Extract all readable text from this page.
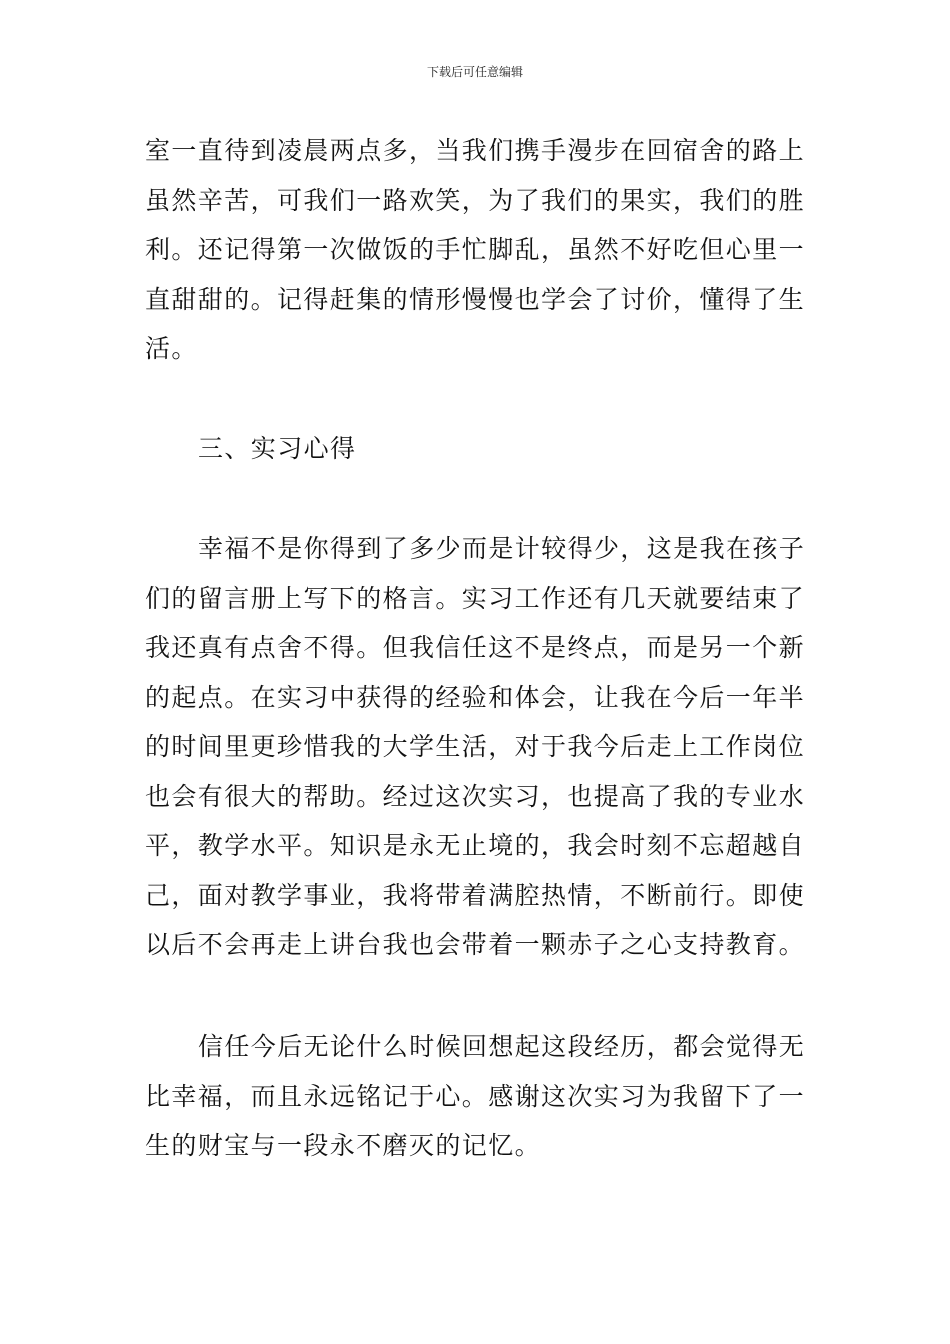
下载后可任意编辑
室一直待到凌晨两点多，当我们携手漫步在回宿舍的路上
虽然辛苦，可我们一路欢笑，为了我们的果实，我们的胜
利。还记得第一次做饭的手忙脚乱，虽然不好吃但心里一
直甜甜的。记得赶集的情形慢慢也学会了讨价，懂得了生
活。
三、实习心得
幸福不是你得到了多少而是计较得少，这是我在孩子
们的留言册上写下的格言。实习工作还有几天就要结束了
我还真有点舍不得。但我信任这不是终点，而是另一个新
的起点。在实习中获得的经验和体会，让我在今后一年半
的时间里更珍惜我的大学生活，对于我今后走上工作岗位
也会有很大的帮助。经过这次实习，也提高了我的专业水
平，教学水平。知识是永无止境的，我会时刻不忘超越自
己，面对教学事业，我将带着满腔热情，不断前行。即使
以后不会再走上讲台我也会带着一颗赤子之心支持教育。
信任今后无论什么时候回想起这段经历，都会觉得无
比幸福，而且永远铭记于心。感谢这次实习为我留下了一
生的财宝与一段永不磨灭的记忆。
